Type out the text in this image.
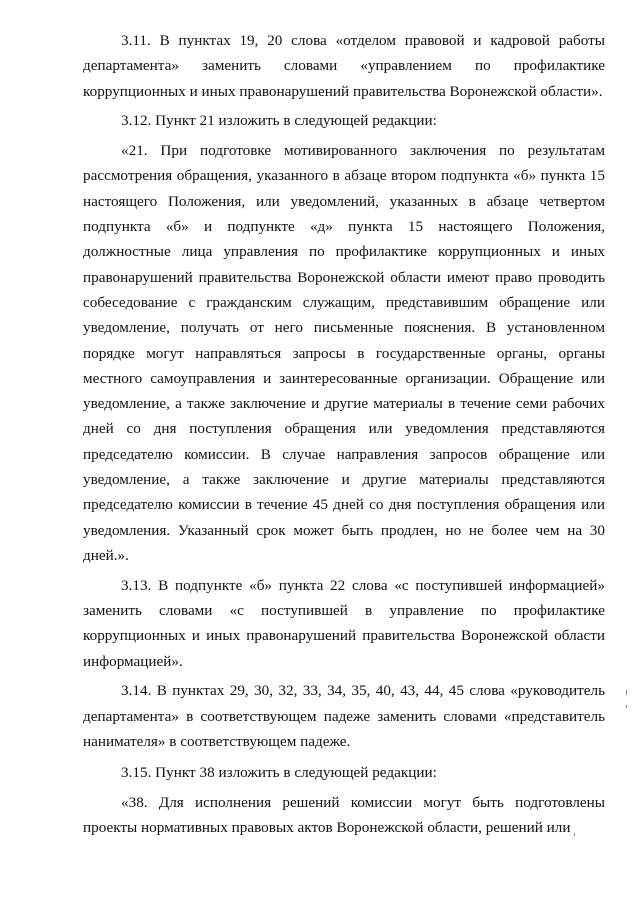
3.11. В пунктах 19, 20 слова «отделом правовой и кадровой работы департамента» заменить словами «управлением по профилактике коррупционных и иных правонарушений правительства Воронежской области».

3.12. Пункт 21 изложить в следующей редакции:

«21. При подготовке мотивированного заключения по результатам рассмотрения обращения, указанного в абзаце втором подпункта «б» пункта 15 настоящего Положения, или уведомлений, указанных в абзаце четвертом подпункта «б» и подпункте «д» пункта 15 настоящего Положения, должностные лица управления по профилактике коррупционных и иных правонарушений правительства Воронежской области имеют право проводить собеседование с гражданским служащим, представившим обращение или уведомление, получать от него письменные пояснения. В установленном порядке могут направляться запросы в государственные органы, органы местного самоуправления и заинтересованные организации. Обращение или уведомление, а также заключение и другие материалы в течение семи рабочих дней со дня поступления обращения или уведомления представляются председателю комиссии. В случае направления запросов обращение или уведомление, а также заключение и другие материалы представляются председателю комиссии в течение 45 дней со дня поступления обращения или уведомления. Указанный срок может быть продлен, но не более чем на 30 дней.».

3.13. В подпункте «б» пункта 22 слова «с поступившей информацией» заменить словами «с поступившей в управление по профилактике коррупционных и иных правонарушений правительства Воронежской области информацией».

3.14. В пунктах 29, 30, 32, 33, 34, 35, 40, 43, 44, 45 слова «руководитель департамента» в соответствующем падеже заменить словами «представитель нанимателя» в соответствующем падеже.

3.15. Пункт 38 изложить в следующей редакции:

«38. Для исполнения решений комиссии могут быть подготовлены проекты нормативных правовых актов Воронежской области, решений или
